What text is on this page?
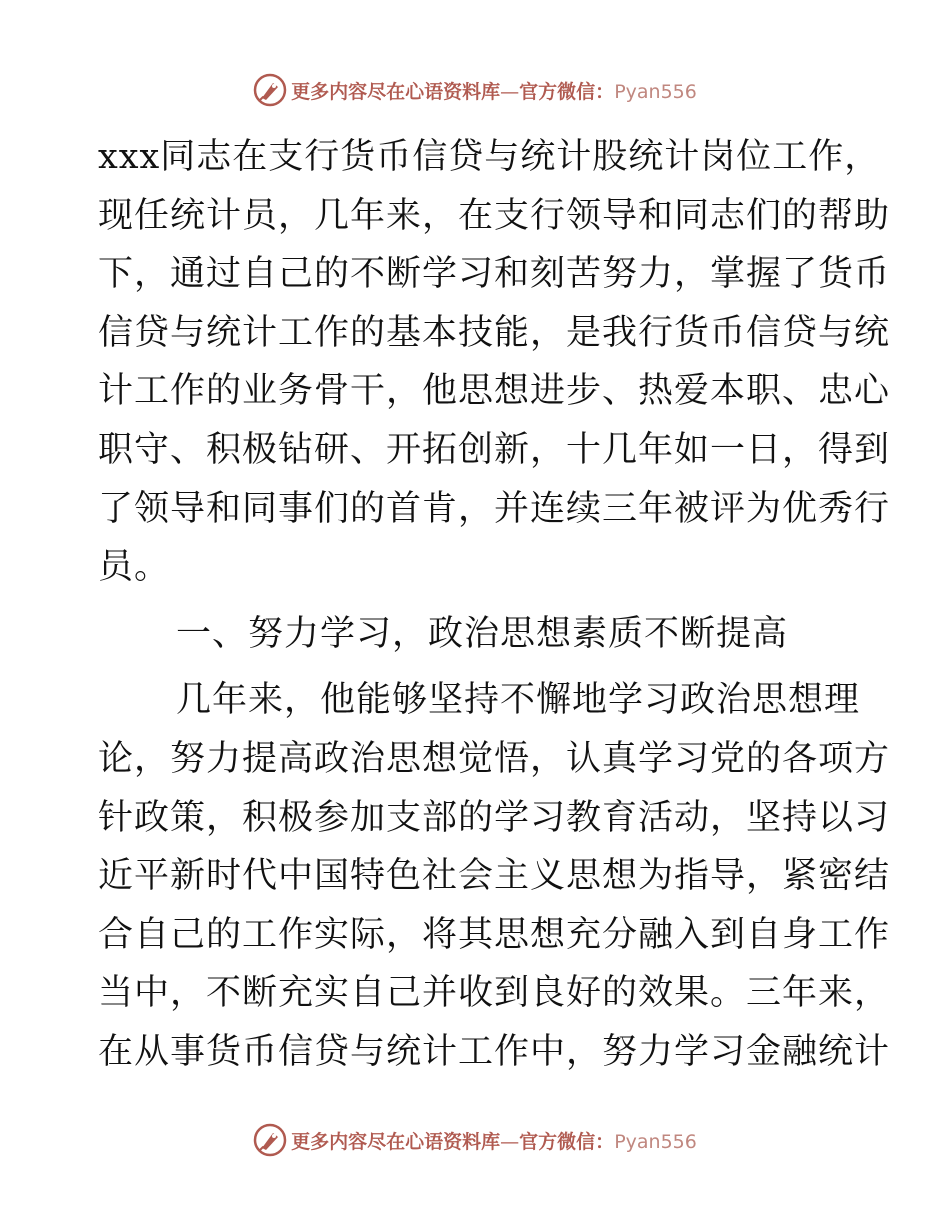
更多内容尽在心语资料库—官方微信：Pyan556
xxx同志在支行货币信贷与统计股统计岗位工作，
现任统计员，几年来，在支行领导和同志们的帮助
下，通过自己的不断学习和刻苦努力，掌握了货币
信贷与统计工作的基本技能，是我行货币信贷与统
计工作的业务骨干，他思想进步、热爱本职、忠心
职守、积极钻研、开拓创新，十几年如一日，得到
了领导和同事们的首肯，并连续三年被评为优秀行
员。
一、努力学习，政治思想素质不断提高
几年来，他能够坚持不懈地学习政治思想理
论，努力提高政治思想觉悟，认真学习党的各项方
针政策，积极参加支部的学习教育活动，坚持以习
近平新时代中国特色社会主义思想为指导，紧密结
合自己的工作实际，将其思想充分融入到自身工作
当中，不断充实自己并收到良好的效果。三年来，
在从事货币信贷与统计工作中，努力学习金融统计
更多内容尽在心语资料库—官方微信：Pyan556
